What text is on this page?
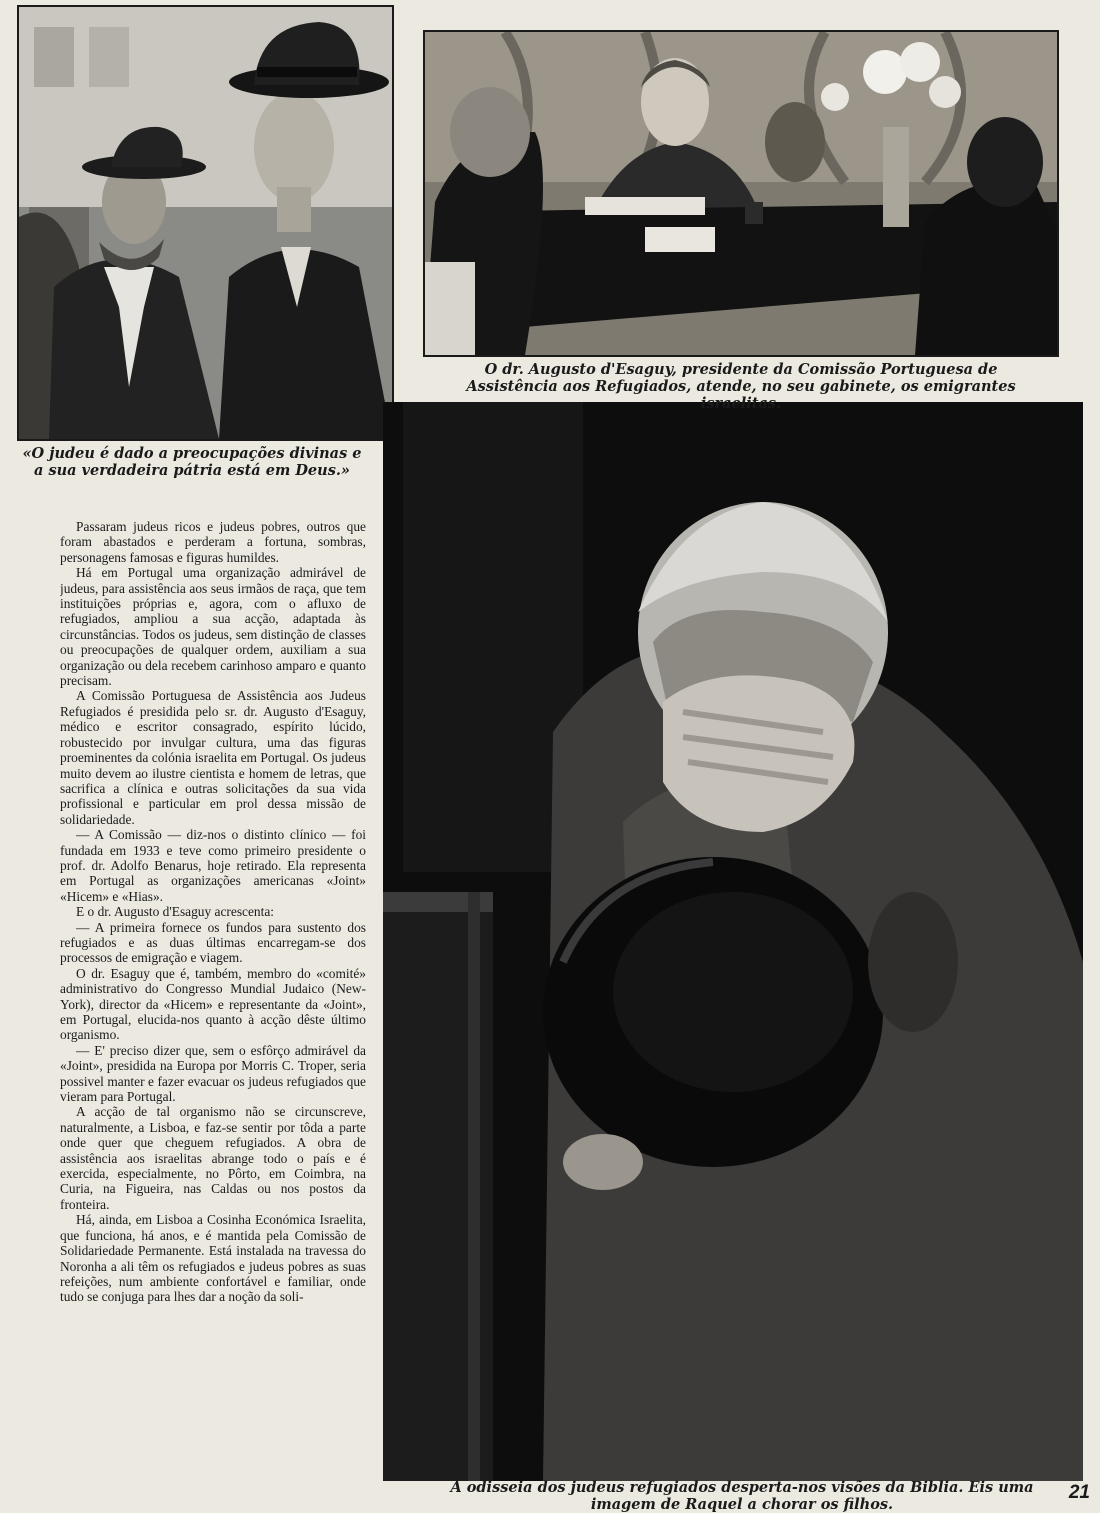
«O judeu é dado a preocupações divinas e a sua verdadeira pátria está em Deus.»
O dr. Augusto d'Esaguy, presidente da Comissão Portuguesa de Assistência aos Refugiados, atende, no seu gabinete, os emigrantes israelitas.

Passaram judeus ricos e judeus pobres, outros que foram abastados e perderam a fortuna, sombras, personagens famosas e figuras humildes.

Há em Portugal uma organização admirável de judeus, para assistência aos seus irmãos de raça, que tem instituições próprias e, agora, com o afluxo de refugiados, ampliou a sua acção, adaptada às circunstâncias. Todos os judeus, sem distinção de classes ou preocupações de qualquer ordem, auxiliam a sua organização ou dela recebem carinhoso amparo e quanto precisam.

A Comissão Portuguesa de Assistência aos Judeus Refugiados é presidida pelo sr. dr. Augusto d'Esaguy, médico e escritor consagrado, espírito lúcido, robustecido por invulgar cultura, uma das figuras proeminentes da colónia israelita em Portugal. Os judeus muito devem ao ilustre cientista e homem de letras, que sacrifica a clínica e outras solicitações da sua vida profissional e particular em prol dessa missão de solidariedade.

— A Comissão — diz-nos o distinto clínico — foi fundada em 1933 e teve como primeiro presidente o prof. dr. Adolfo Benarus, hoje retirado. Ela representa em Portugal as organizações americanas «Joint» «Hicem» e «Hias».

E o dr. Augusto d'Esaguy acrescenta:

— A primeira fornece os fundos para sustento dos refugiados e as duas últimas encarregam-se dos processos de emigração e viagem.

O dr. Esaguy que é, também, membro do «comité» administrativo do Congresso Mundial Judaico (New-York), director da «Hicem» e representante da «Joint», em Portugal, elucida-nos quanto à acção dêste último organismo.

— E' preciso dizer que, sem o esfôrço admirável da «Joint», presidida na Europa por Morris C. Troper, seria possivel manter e fazer evacuar os judeus refugiados que vieram para Portugal.

A acção de tal organismo não se circunscreve, naturalmente, a Lisboa, e faz-se sentir por tôda a parte onde quer que cheguem refugiados. A obra de assistência aos israelitas abrange todo o país e é exercida, especialmente, no Pôrto, em Coimbra, na Curia, na Figueira, nas Caldas ou nos postos da fronteira.

Há, ainda, em Lisboa a Cosinha Económica Israelita, que funciona, há anos, e é mantida pela Comissão de Solidariedade Permanente. Está instalada na travessa do Noronha a ali têm os refugiados e judeus pobres as suas refeições, num ambiente confortável e familiar, onde tudo se conjuga para lhes dar a noção da soli-

A odisseia dos judeus refugiados desperta-nos visões da Biblia. Eis uma imagem de Raquel a chorar os filhos.
21
